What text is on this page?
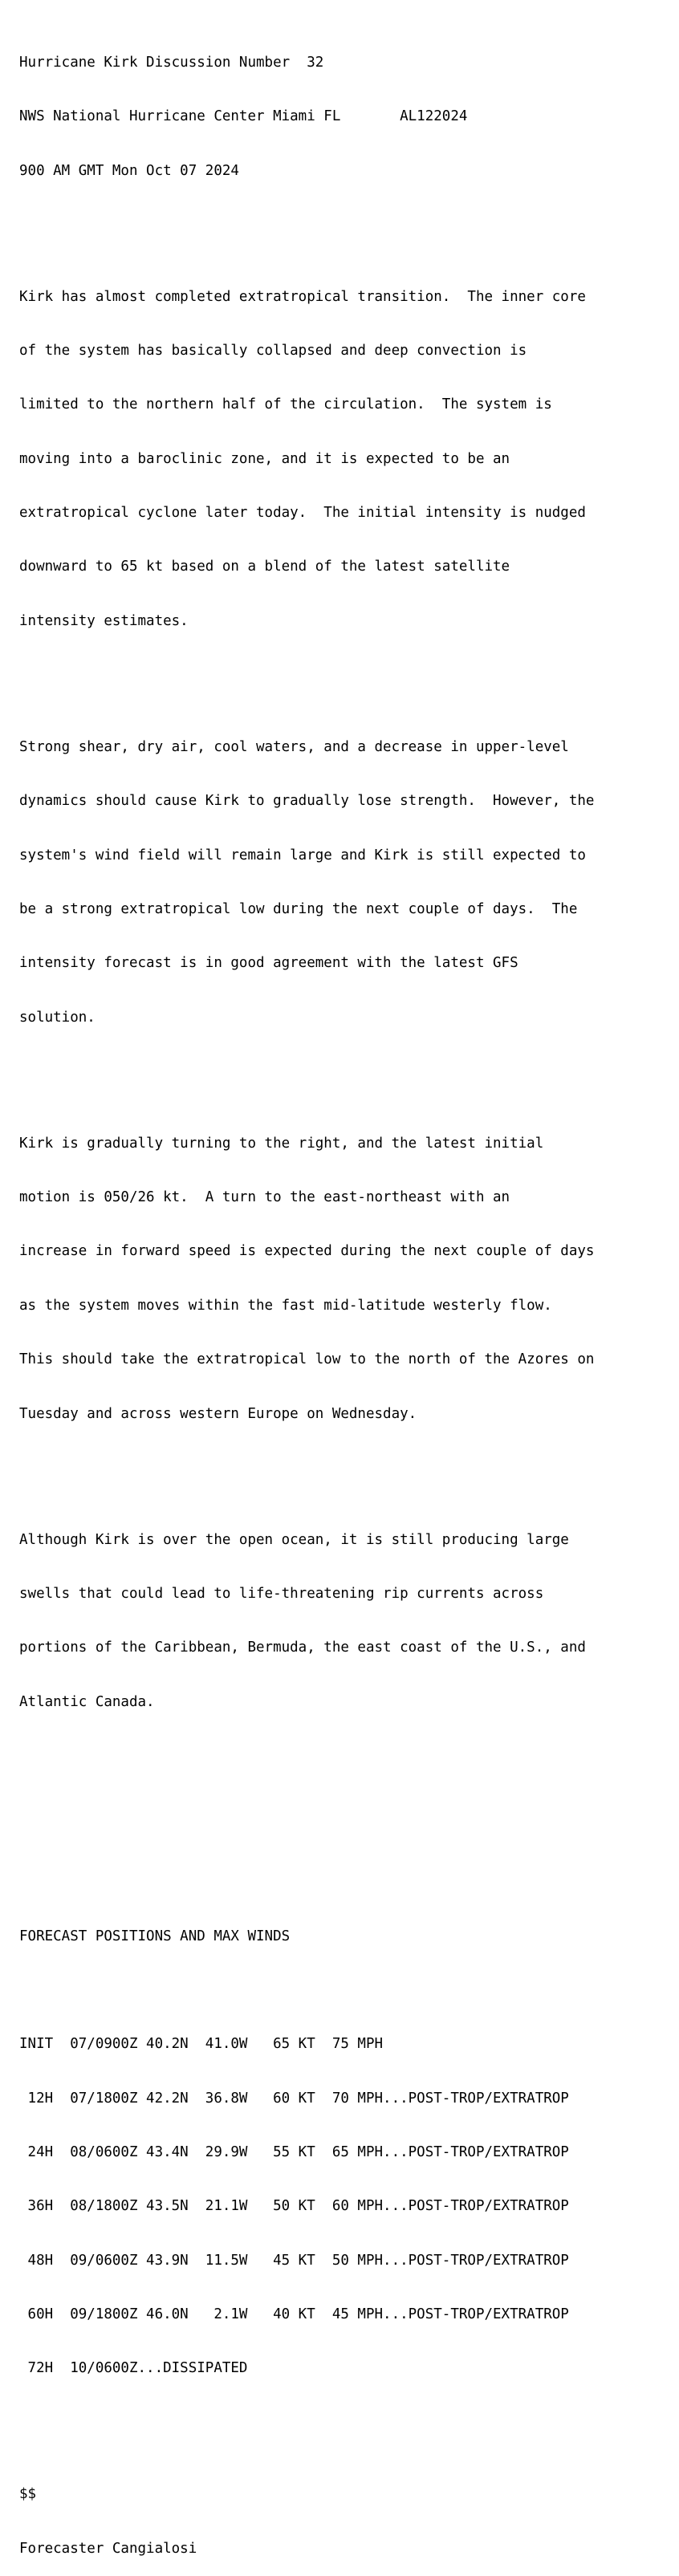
Hurricane Kirk Discussion Number  32

NWS National Hurricane Center Miami FL       AL122024

900 AM GMT Mon Oct 07 2024

Kirk has almost completed extratropical transition.  The inner core

of the system has basically collapsed and deep convection is

limited to the northern half of the circulation.  The system is

moving into a baroclinic zone, and it is expected to be an

extratropical cyclone later today.  The initial intensity is nudged

downward to 65 kt based on a blend of the latest satellite

intensity estimates.

Strong shear, dry air, cool waters, and a decrease in upper-level

dynamics should cause Kirk to gradually lose strength.  However, the

system's wind field will remain large and Kirk is still expected to

be a strong extratropical low during the next couple of days.  The

intensity forecast is in good agreement with the latest GFS

solution.

Kirk is gradually turning to the right, and the latest initial

motion is 050/26 kt.  A turn to the east-northeast with an

increase in forward speed is expected during the next couple of days

as the system moves within the fast mid-latitude westerly flow.

This should take the extratropical low to the north of the Azores on

Tuesday and across western Europe on Wednesday.

Although Kirk is over the open ocean, it is still producing large

swells that could lead to life-threatening rip currents across

portions of the Caribbean, Bermuda, the east coast of the U.S., and

Atlantic Canada.

FORECAST POSITIONS AND MAX WINDS

INIT  07/0900Z 40.2N  41.0W   65 KT  75 MPH

12H  07/1800Z 42.2N  36.8W   60 KT  70 MPH...POST-TROP/EXTRATROP

24H  08/0600Z 43.4N  29.9W   55 KT  65 MPH...POST-TROP/EXTRATROP

36H  08/1800Z 43.5N  21.1W   50 KT  60 MPH...POST-TROP/EXTRATROP

48H  09/0600Z 43.9N  11.5W   45 KT  50 MPH...POST-TROP/EXTRATROP

60H  09/1800Z 46.0N   2.1W   40 KT  45 MPH...POST-TROP/EXTRATROP

72H  10/0600Z...DISSIPATED

$$

Forecaster Cangialosi
